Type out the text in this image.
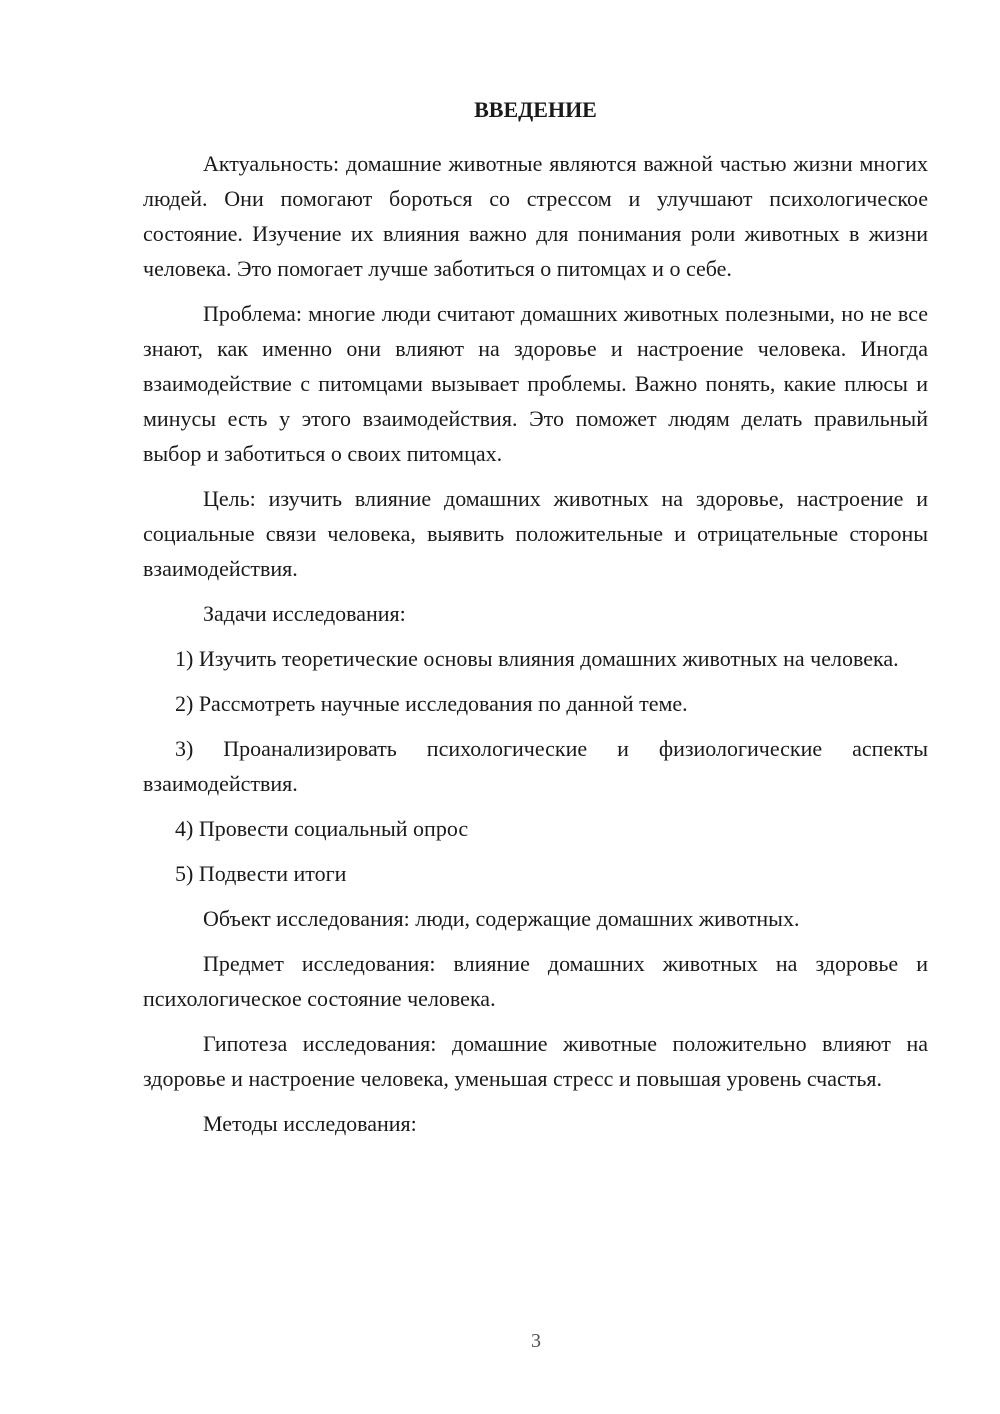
ВВЕДЕНИЕ

Актуальность: домашние животные являются важной частью жизни многих людей. Они помогают бороться со стрессом и улучшают психологическое состояние. Изучение их влияния важно для понимания роли животных в жизни человека. Это помогает лучше заботиться о питомцах и о себе.

Проблема: многие люди считают домашних животных полезными, но не все знают, как именно они влияют на здоровье и настроение человека. Иногда взаимодействие с питомцами вызывает проблемы. Важно понять, какие плюсы и минусы есть у этого взаимодействия. Это поможет людям делать правильный выбор и заботиться о своих питомцах.

Цель: изучить влияние домашних животных на здоровье, настроение и социальные связи человека, выявить положительные и отрицательные стороны взаимодействия.

Задачи исследования:

1) Изучить теоретические основы влияния домашних животных на человека.

2) Рассмотреть научные исследования по данной теме.

3) Проанализировать психологические и физиологические аспекты взаимодействия.

4) Провести социальный опрос

5) Подвести итоги

Объект исследования: люди, содержащие домашних животных.

Предмет исследования: влияние домашних животных на здоровье и психологическое состояние человека.

Гипотеза исследования: домашние животные положительно влияют на здоровье и настроение человека, уменьшая стресс и повышая уровень счастья.

Методы исследования:

3
